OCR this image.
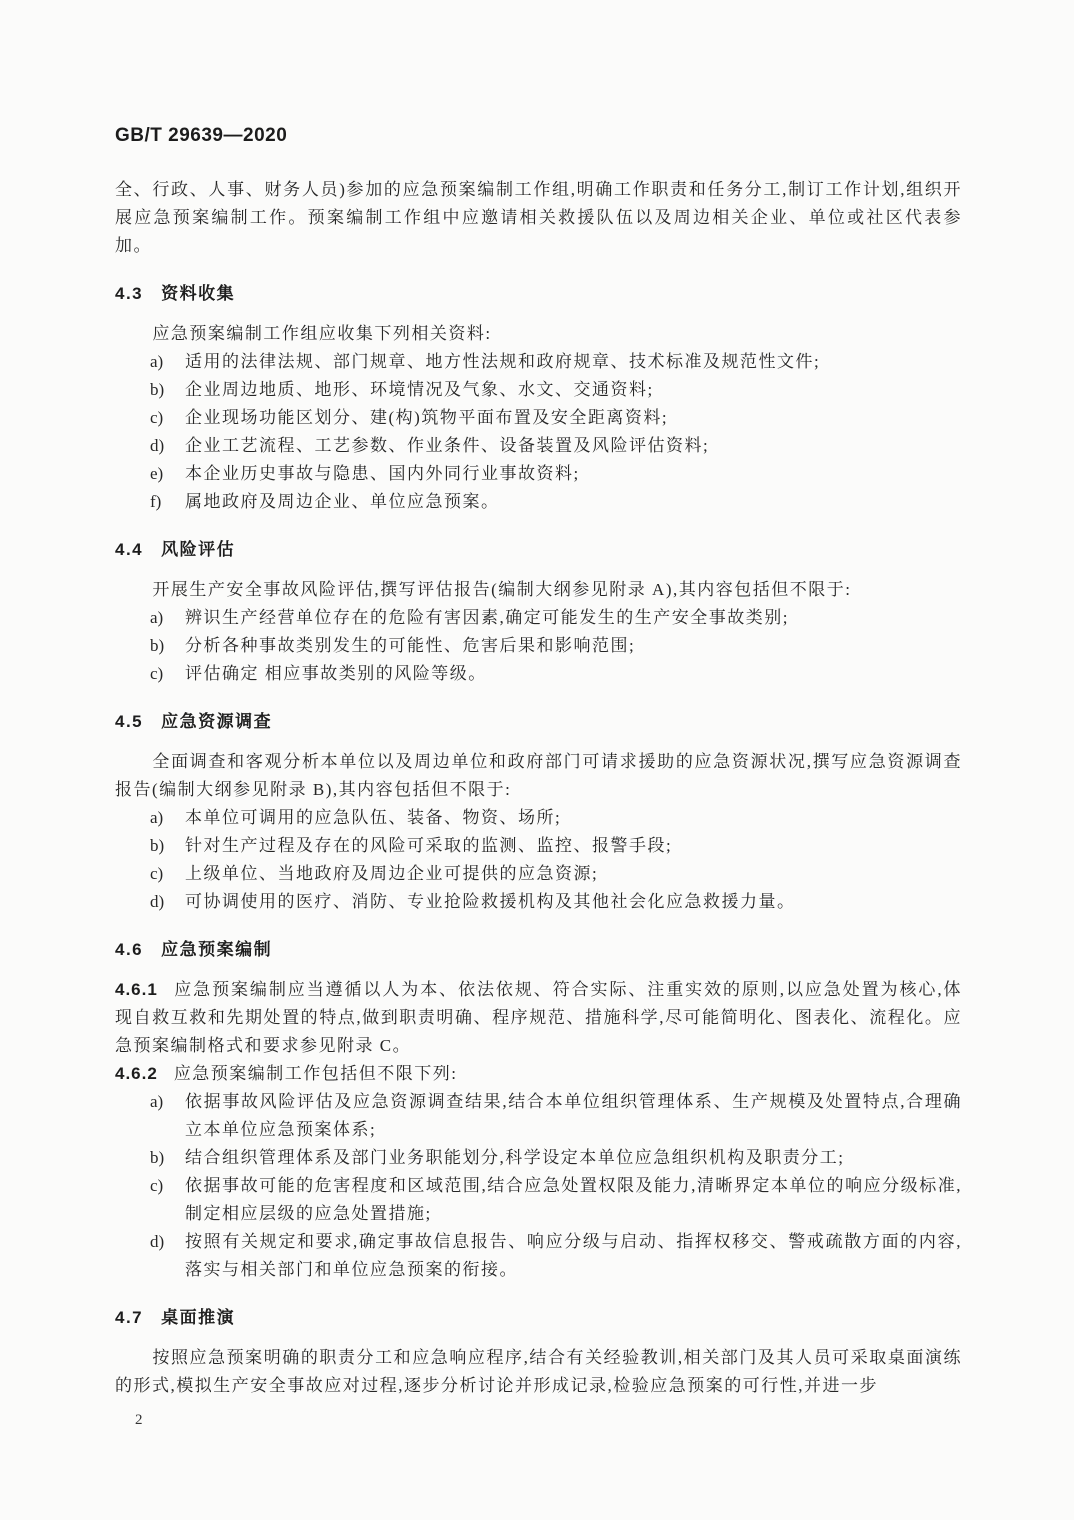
GB/T 29639—2020

全、行政、人事、财务人员)参加的应急预案编制工作组,明确工作职责和任务分工,制订工作计划,组织开展应急预案编制工作。预案编制工作组中应邀请相关救援队伍以及周边相关企业、单位或社区代表参加。

4.3 资料收集

应急预案编制工作组应收集下列相关资料:

a) 适用的法律法规、部门规章、地方性法规和政府规章、技术标准及规范性文件;
b) 企业周边地质、地形、环境情况及气象、水文、交通资料;
c) 企业现场功能区划分、建(构)筑物平面布置及安全距离资料;
d) 企业工艺流程、工艺参数、作业条件、设备装置及风险评估资料;
e) 本企业历史事故与隐患、国内外同行业事故资料;
f) 属地政府及周边企业、单位应急预案。
4.4 风险评估

开展生产安全事故风险评估,撰写评估报告(编制大纲参见附录 A),其内容包括但不限于:

a) 辨识生产经营单位存在的危险有害因素,确定可能发生的生产安全事故类别;
b) 分析各种事故类别发生的可能性、危害后果和影响范围;
c) 评估确定 相应事故类别的风险等级。
4.5 应急资源调查

全面调查和客观分析本单位以及周边单位和政府部门可请求援助的应急资源状况,撰写应急资源调查报告(编制大纲参见附录 B),其内容包括但不限于:

a) 本单位可调用的应急队伍、装备、物资、场所;
b) 针对生产过程及存在的风险可采取的监测、监控、报警手段;
c) 上级单位、当地政府及周边企业可提供的应急资源;
d) 可协调使用的医疗、消防、专业抢险救援机构及其他社会化应急救援力量。
4.6 应急预案编制

4.6.1 应急预案编制应当遵循以人为本、依法依规、符合实际、注重实效的原则,以应急处置为核心,体现自救互救和先期处置的特点,做到职责明确、程序规范、措施科学,尽可能简明化、图表化、流程化。应急预案编制格式和要求参见附录 C。

4.6.2 应急预案编制工作包括但不限下列:

a) 依据事故风险评估及应急资源调查结果,结合本单位组织管理体系、生产规模及处置特点,合理确立本单位应急预案体系;
b) 结合组织管理体系及部门业务职能划分,科学设定本单位应急组织机构及职责分工;
c) 依据事故可能的危害程度和区域范围,结合应急处置权限及能力,清晰界定本单位的响应分级标准,制定相应层级的应急处置措施;
d) 按照有关规定和要求,确定事故信息报告、响应分级与启动、指挥权移交、警戒疏散方面的内容,落实与相关部门和单位应急预案的衔接。
4.7 桌面推演

按照应急预案明确的职责分工和应急响应程序,结合有关经验教训,相关部门及其人员可采取桌面演练的形式,模拟生产安全事故应对过程,逐步分析讨论并形成记录,检验应急预案的可行性,并进一步

2
